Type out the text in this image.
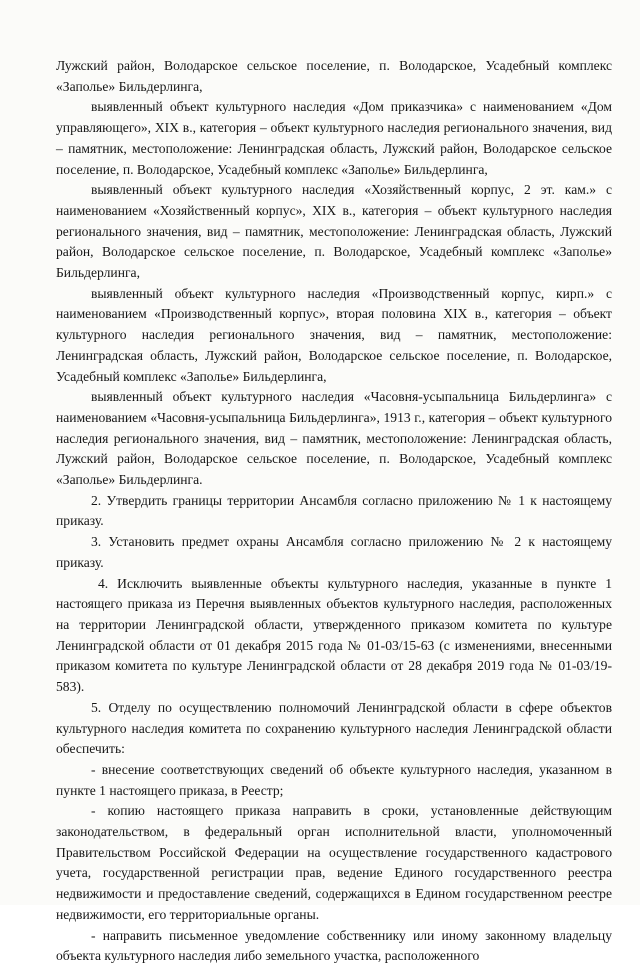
Лужский район, Володарское сельское поселение, п. Володарское, Усадебный комплекс «Заполье» Бильдерлинга,

выявленный объект культурного наследия «Дом приказчика» с наименованием «Дом управляющего», XIX в., категория – объект культурного наследия регионального значения, вид – памятник, местоположение: Ленинградская область, Лужский район, Володарское сельское поселение, п. Володарское, Усадебный комплекс «Заполье» Бильдерлинга,

выявленный объект культурного наследия «Хозяйственный корпус, 2 эт. кам.» с наименованием «Хозяйственный корпус», XIX в., категория – объект культурного наследия регионального значения, вид – памятник, местоположение: Ленинградская область, Лужский район, Володарское сельское поселение, п. Володарское, Усадебный комплекс «Заполье» Бильдерлинга,

выявленный объект культурного наследия «Производственный корпус, кирп.» с наименованием «Производственный корпус», вторая половина XIX в., категория – объект культурного наследия регионального значения, вид – памятник, местоположение: Ленинградская область, Лужский район, Володарское сельское поселение, п. Володарское, Усадебный комплекс «Заполье» Бильдерлинга,

выявленный объект культурного наследия «Часовня-усыпальница Бильдерлинга» с наименованием «Часовня-усыпальница Бильдерлинга», 1913 г., категория – объект культурного наследия регионального значения, вид – памятник, местоположение: Ленинградская область, Лужский район, Володарское сельское поселение, п. Володарское, Усадебный комплекс «Заполье» Бильдерлинга.

2. Утвердить границы территории Ансамбля согласно приложению № 1 к настоящему приказу.

3. Установить предмет охраны Ансамбля согласно приложению № 2 к настоящему приказу.

4. Исключить выявленные объекты культурного наследия, указанные в пункте 1 настоящего приказа из Перечня выявленных объектов культурного наследия, расположенных на территории Ленинградской области, утвержденного приказом комитета по культуре Ленинградской области от 01 декабря 2015 года № 01-03/15-63 (с изменениями, внесенными приказом комитета по культуре Ленинградской области от 28 декабря 2019 года № 01-03/19-583).

5. Отделу по осуществлению полномочий Ленинградской области в сфере объектов культурного наследия комитета по сохранению культурного наследия Ленинградской области обеспечить:

- внесение соответствующих сведений об объекте культурного наследия, указанном в пункте 1 настоящего приказа, в Реестр;

- копию настоящего приказа направить в сроки, установленные действующим законодательством, в федеральный орган исполнительной власти, уполномоченный Правительством Российской Федерации на осуществление государственного кадастрового учета, государственной регистрации прав, ведение Единого государственного реестра недвижимости и предоставление сведений, содержащихся в Едином государственном реестре недвижимости, его территориальные органы.

- направить письменное уведомление собственнику или иному законному владельцу объекта культурного наследия либо земельного участка, расположенного
